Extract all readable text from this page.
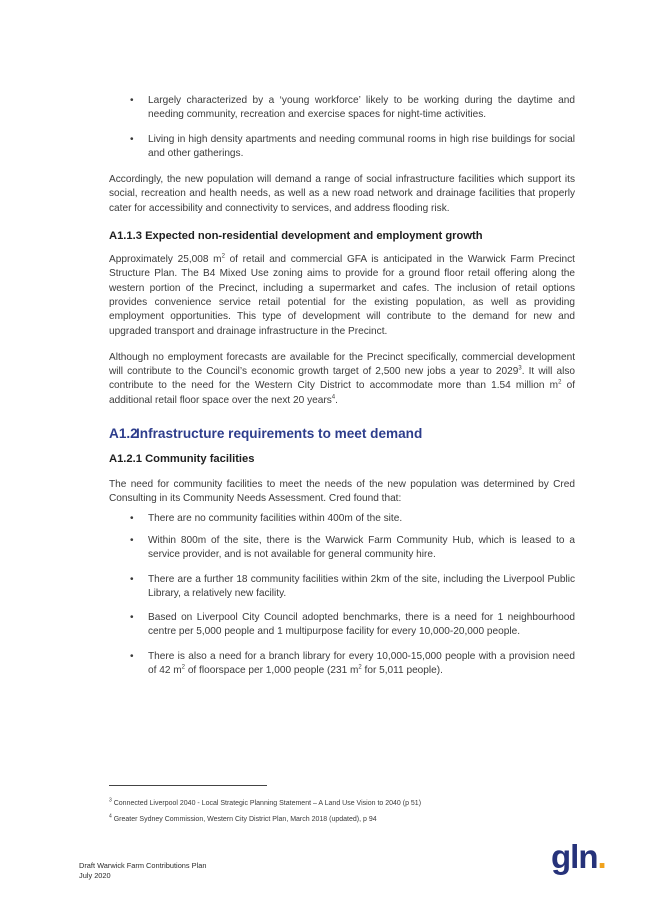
• Largely characterized by a ‘young workforce’ likely to be working during the daytime and needing community, recreation and exercise spaces for night-time activities.
• Living in high density apartments and needing communal rooms in high rise buildings for social and other gatherings.

Accordingly, the new population will demand a range of social infrastructure facilities which support its social, recreation and health needs, as well as a new road network and drainage facilities that properly cater for accessibility and connectivity to services, and address flooding risk.

A1.1.3 Expected non-residential development and employment growth

Approximately 25,008 $m^2$ of retail and commercial GFA is anticipated in the Warwick Farm Precinct Structure Plan. The B4 Mixed Use zoning aims to provide for a ground floor retail offering along the western portion of the Precinct, including a supermarket and cafes. The inclusion of retail options provides convenience service retail potential for the existing population, as well as providing employment opportunities. This type of development will contribute to the demand for new and upgraded transport and drainage infrastructure in the Precinct.

Although no employment forecasts are available for the Precinct specifically, commercial development will contribute to the Council’s economic growth target of 2,500 new jobs a year to 2029$^3$. It will also contribute to the need for the Western City District to accommodate more than 1.54 million $m^2$ of additional retail floor space over the next 20 years$^4$.

A1.2Infrastructure requirements to meet demand
A1.2.1 Community facilities

The need for community facilities to meet the needs of the new population was determined by Cred Consulting in its Community Needs Assessment. Cred found that:

• There are no community facilities within 400m of the site.
• Within 800m of the site, there is the Warwick Farm Community Hub, which is leased to a service provider, and is not available for general community hire.
• There are a further 18 community facilities within 2km of the site, including the Liverpool Public Library, a relatively new facility.
• Based on Liverpool City Council adopted benchmarks, there is a need for 1 neighbourhood centre per 5,000 people and 1 multipurpose facility for every 10,000-20,000 people.
• There is also a need for a branch library for every 10,000-15,000 people with a provision need of 42 $m^2$ of floorspace per 1,000 people (231 $m^2$ for 5,011 people).
$^3$ Connected Liverpool 2040 - Local Strategic Planning Statement – A Land Use Vision to 2040 (p 51)
$^4$ Greater Sydney Commission, Western City District Plan, March 2018 (updated), p 94
Draft Warwick Farm Contributions Plan
July 2020
gln.
